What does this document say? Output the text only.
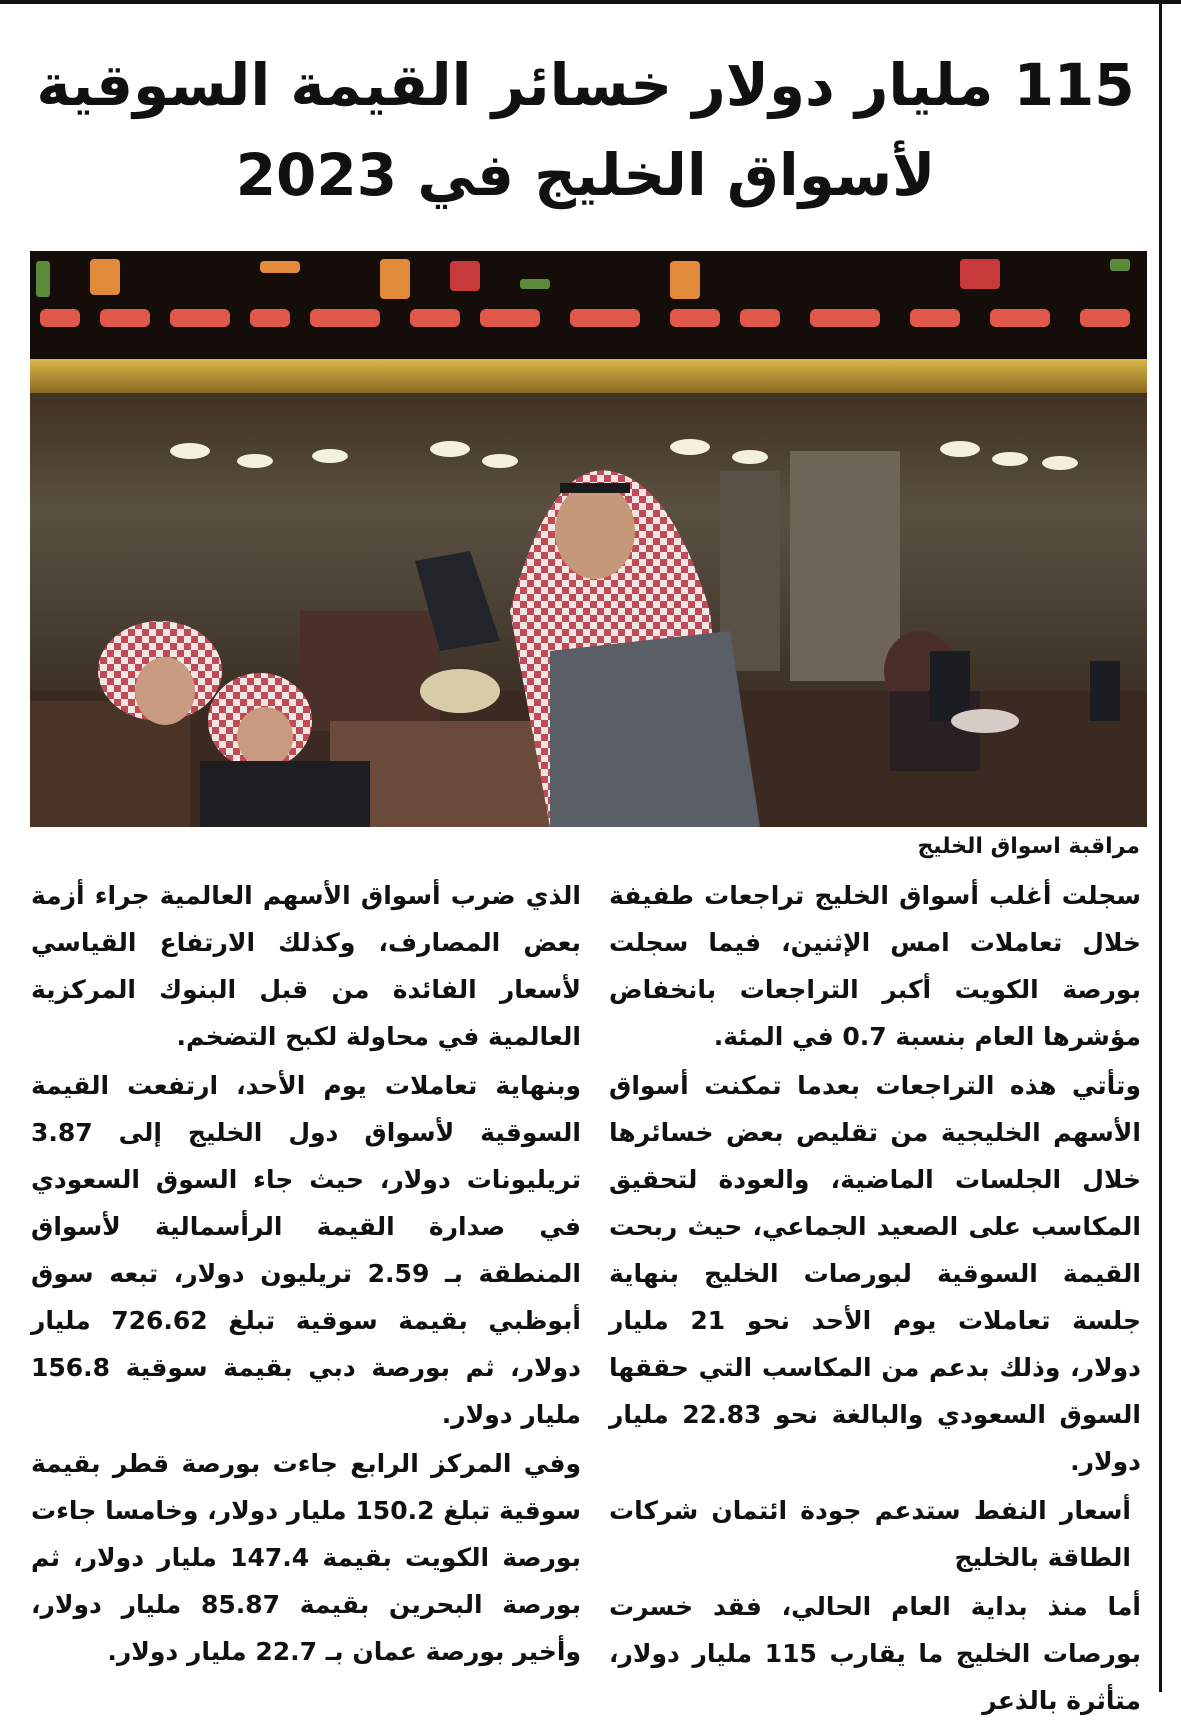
115 مليار دولار خسائر القيمة السوقية
لأسواق الخليج في 2023

مراقبة اسواق الخليج

سجلت أغلب أسواق الخليج تراجعات طفيفة خلال تعاملات امس الإثنين، فيما سجلت بورصة الكويت أكبر التراجعات بانخفاض مؤشرها العام بنسبة 0.7 في المئة.

وتأتي هذه التراجعات بعدما تمكنت أسواق الأسهم الخليجية من تقليص بعض خسائرها خلال الجلسات الماضية، والعودة لتحقيق المكاسب على الصعيد الجماعي، حيث ربحت القيمة السوقية لبورصات الخليج بنهاية جلسة تعاملات يوم الأحد نحو 21 مليار دولار، وذلك بدعم من المكاسب التي حققها السوق السعودي والبالغة نحو 22.83 مليار دولار.

أسعار النفط ستدعم جودة ائتمان شركات الطاقة بالخليج

أما منذ بداية العام الحالي، فقد خسرت بورصات الخليج ما يقارب 115 مليار دولار، متأثرة بالذعر

الذي ضرب أسواق الأسهم العالمية جراء أزمة بعض المصارف، وكذلك الارتفاع القياسي لأسعار الفائدة من قبل البنوك المركزية العالمية في محاولة لكبح التضخم.

وبنهاية تعاملات يوم الأحد، ارتفعت القيمة السوقية لأسواق دول الخليج إلى 3.87 تريليونات دولار، حيث جاء السوق السعودي في صدارة القيمة الرأسمالية لأسواق المنطقة بـ 2.59 تريليون دولار، تبعه سوق أبوظبي بقيمة سوقية تبلغ 726.62 مليار دولار، ثم بورصة دبي بقيمة سوقية 156.8 مليار دولار.

وفي المركز الرابع جاءت بورصة قطر بقيمة سوقية تبلغ 150.2 مليار دولار، وخامسا جاءت بورصة الكويت بقيمة 147.4 مليار دولار، ثم بورصة البحرين بقيمة 85.87 مليار دولار، وأخير بورصة عمان بـ 22.7 مليار دولار.
